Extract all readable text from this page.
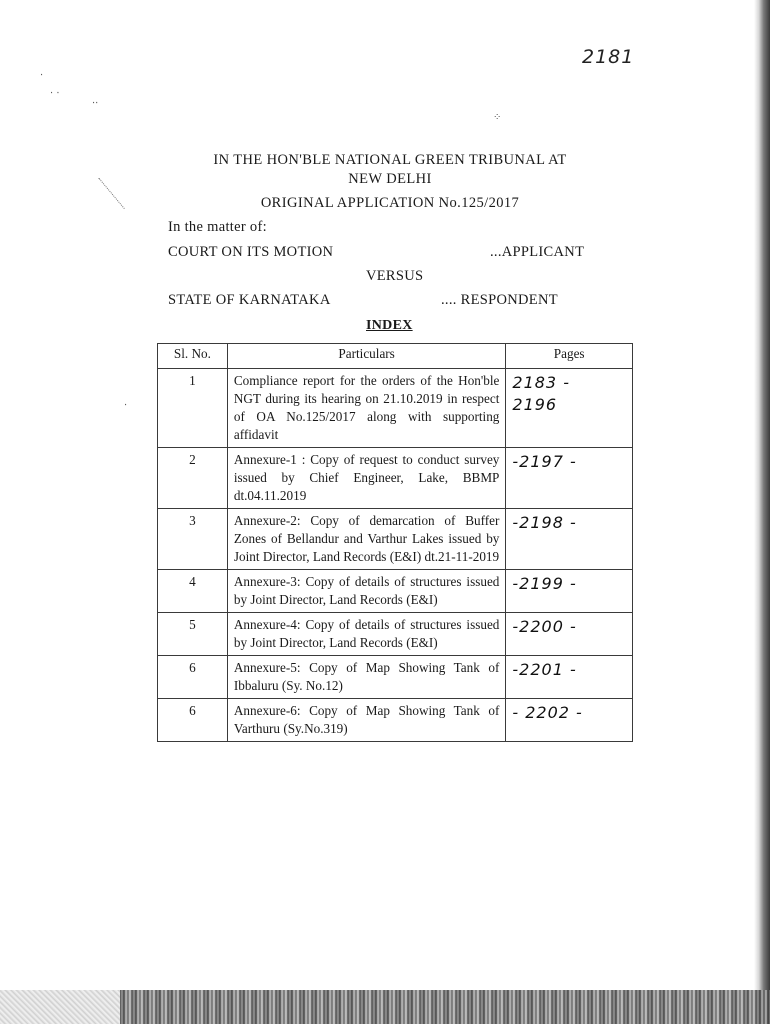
⋅
⋅ ⋅
⋅⋅
⁘
⋅
2181
IN THE HON'BLE NATIONAL GREEN TRIBUNAL AT
NEW DELHI
ORIGINAL APPLICATION No.125/2017
In the matter of:
COURT ON ITS MOTION	...APPLICANT
VERSUS
STATE OF KARNATAKA	.... RESPONDENT
INDEX
Sl. No.	Particulars	Pages
1	Compliance report for the orders of the Hon'ble NGT during its hearing on 21.10.2019 in respect of OA No.125/2017 along with supporting affidavit	2183 -
2196

2	Annexure-1 : Copy of request to conduct survey issued by Chief Engineer, Lake, BBMP dt.04.11.2019	-2197 -

3	Annexure-2: Copy of demarcation of Buffer Zones of Bellandur and Varthur Lakes issued by Joint Director, Land Records (E&I) dt.21-11-2019	-2198 -

4	Annexure-3: Copy of details of structures issued by Joint Director, Land Records (E&I)	-2199 -

5	Annexure-4: Copy of details of structures issued by Joint Director, Land Records (E&I)	-2200 -

6	Annexure-5: Copy of Map Showing Tank of Ibbaluru (Sy. No.12)	-2201 -

6	Annexure-6: Copy of Map Showing Tank of Varthuru (Sy.No.319)	- 2202 -
